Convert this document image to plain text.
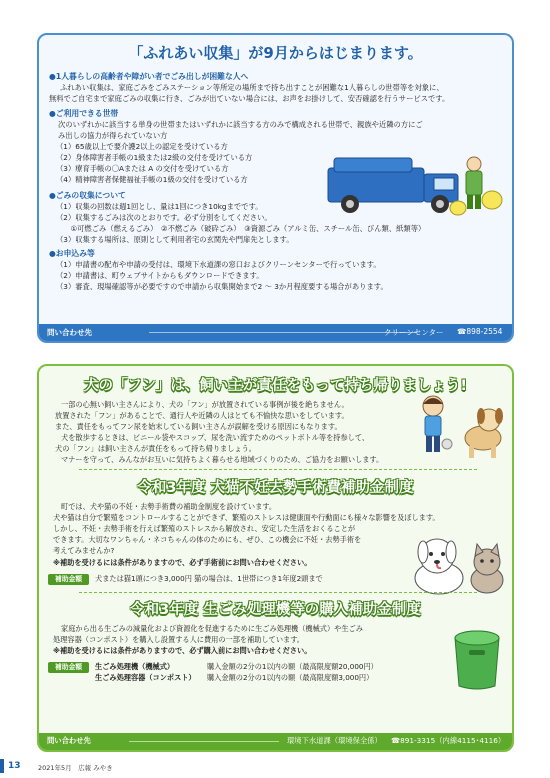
「ふれあい収集」が9月からはじまります。
●1人暮らしの高齢者や障がい者でごみ出しが困難な人へ
ふれあい収集は、家庭ごみをごみステーション等所定の場所まで持ち出すことが困難な1人暮らしの世帯等を対象に、
無料でご自宅まで家庭ごみの収集に行き、ごみが出ていない場合には、お声をお掛けして、安否確認を行うサービスです。
●ご利用できる世帯
次のいずれかに該当する単身の世帯またはいずれかに該当する方のみで構成される世帯で、親族や近隣の方にご
み出しの協力が得られていない方
（1）65歳以上で要介護2以上の認定を受けている方
（2）身体障害者手帳の1級または2級の交付を受けている方
（3）療育手帳の〇Aまたは A の交付を受けている方
（4）精神障害者保健福祉手帳の1級の交付を受けている方
●ごみの収集について
（1）収集の回数は週1回とし、量は1回につき10kgまでです。
（2）収集するごみは次のとおりです。必ず分別をしてください。
　　①可燃ごみ（燃えるごみ）　②不燃ごみ（破砕ごみ）　③資源ごみ（アルミ缶、スチール缶、びん類、紙類等）
（3）収集する場所は、原則として利用者宅の玄関先や門扉先とします。
●お申込み等
（1）申請書の配布や申請の受付は、環境下水道課の窓口およびクリーンセンターで行っています。
（2）申請書は、町ウェブサイトからもダウンロードできます。
（3）審査、現場確認等が必要ですので申請から収集開始まで2 ～ 3か月程度要する場合があります。
問い合わせ先	クリーンセンター ☎898-2554
犬の「フン」は、飼い主が責任をもって持ち帰りましょう!
一部の心無い飼い主さんにより、犬の「フン」が放置されている事例が後を絶ちません。
放置された「フン」があることで、通行人や近隣の人はとても不愉快な思いをしています。
また、責任をもってフン尿を始末している飼い主さんが誤解を受ける原因にもなります。
犬を散歩するときは、ビニール袋やスコップ、尿を洗い流すためのペットボトル等を持参して、
犬の「フン」は飼い主さんが責任をもって持ち帰りましょう。
マナーを守って、みんながお互いに気持ちよく暮らせる地域づくりのため、ご協力をお願いします。
令和3年度 犬猫不妊去勢手術費補助金制度
町では、犬や猫の不妊・去勢手術費の補助金制度を設けています。
犬や猫は自分で繁殖をコントロールすることができず、繁殖のストレスは健康面や行動面にも様々な影響を及ぼします。
しかし、不妊・去勢手術を行えば繁殖のストレスから解放され、安定した生活をおくることが
できます。大切なワンちゃん・ネコちゃんの体のためにも、ぜひ、この機会に不妊・去勢手術を
考えてみませんか?
※補助を受けるには条件がありますので、必ず手術前にお問い合わせください。
補助金額	犬または猫1頭につき3,000円 猫の場合は、1世帯につき1年度2頭まで
令和3年度 生ごみ処理機等の購入補助金制度
家庭から出る生ごみの減量化および資源化を促進するために生ごみ処理機（機械式）や生ごみ
処理容器（コンポスト）を購入し設置する人に費用の一部を補助しています。
※補助を受けるには条件がありますので、必ず購入前にお問い合わせください。
補助金額	生ごみ処理機（機械式）	購入金額の2分の1以内の額（最高限度額20,000円）
生ごみ処理容器（コンポスト） 購入金額の2分の1以内の額（最高限度額3,000円）
問い合わせ先	環境下水道課（環境保全係） ☎891-3315（内線4115･4116）
13	2021年5月　広報 みやき
